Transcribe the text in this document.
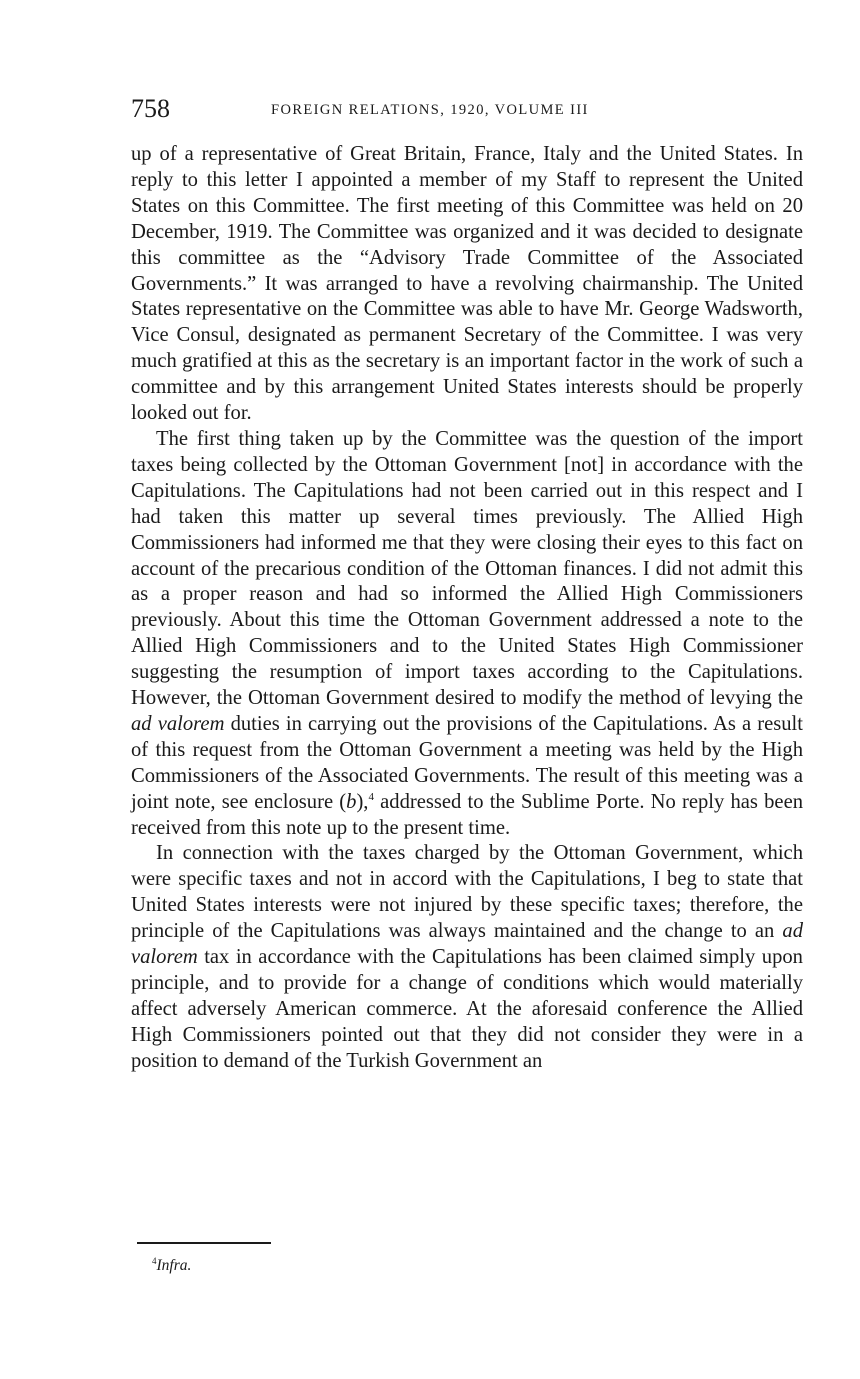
758	FOREIGN RELATIONS, 1920, VOLUME III

up of a representative of Great Britain, France, Italy and the United States. In reply to this letter I appointed a member of my Staff to represent the United States on this Committee. The first meeting of this Committee was held on 20 December, 1919. The Committee was organized and it was decided to designate this committee as the “Advisory Trade Committee of the Associated Governments.” It was arranged to have a revolving chairmanship. The United States representative on the Committee was able to have Mr. George Wadsworth, Vice Consul, designated as permanent Secretary of the Committee. I was very much gratified at this as the secretary is an important factor in the work of such a committee and by this arrangement United States interests should be properly looked out for.

The first thing taken up by the Committee was the question of the import taxes being collected by the Ottoman Government [not] in accordance with the Capitulations. The Capitulations had not been carried out in this respect and I had taken this matter up several times previously. The Allied High Commissioners had informed me that they were closing their eyes to this fact on account of the precarious condition of the Ottoman finances. I did not admit this as a proper reason and had so informed the Allied High Commissioners previously. About this time the Ottoman Government addressed a note to the Allied High Commissioners and to the United States High Commissioner suggesting the resumption of import taxes according to the Capitulations. However, the Ottoman Government desired to modify the method of levying the ad valorem duties in carrying out the provisions of the Capitulations. As a result of this request from the Ottoman Government a meeting was held by the High Commissioners of the Associated Governments. The result of this meeting was a joint note, see enclosure (b),$^4$ addressed to the Sublime Porte. No reply has been received from this note up to the present time.

In connection with the taxes charged by the Ottoman Government, which were specific taxes and not in accord with the Capitulations, I beg to state that United States interests were not injured by these specific taxes; therefore, the principle of the Capitulations was always maintained and the change to an ad valorem tax in accordance with the Capitulations has been claimed simply upon principle, and to provide for a change of conditions which would materially affect adversely American commerce. At the aforesaid conference the Allied High Commissioners pointed out that they did not consider they were in a position to demand of the Turkish Government an

$^4$Infra.
